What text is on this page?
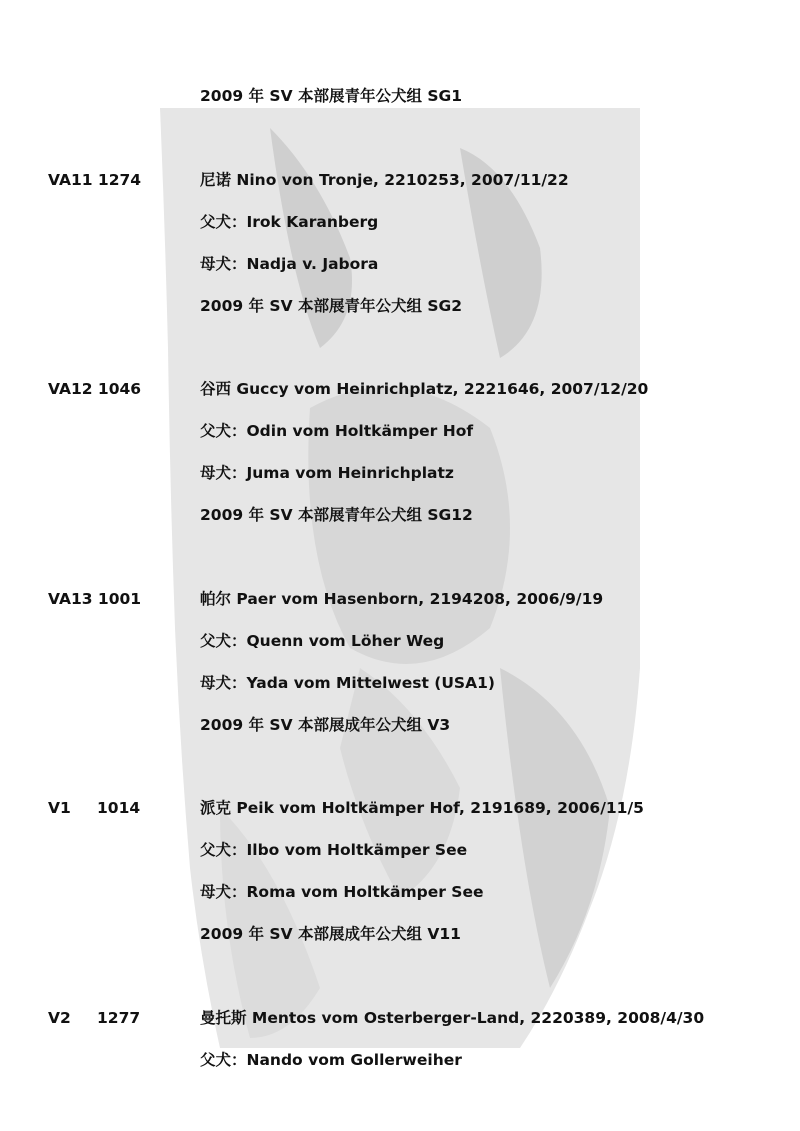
2009 年 SV 本部展青年公犬组 SG1
VA11 1274	尼诺 Nino von Tronje, 2210253, 2007/11/22
父犬：Irok Karanberg
母犬：Nadja v. Jabora
2009 年 SV 本部展青年公犬组 SG2
VA12 1046	谷西 Guccy vom Heinrichplatz, 2221646, 2007/12/20
父犬：Odin vom Holtkämper Hof
母犬：Juma vom Heinrichplatz
2009 年 SV 本部展青年公犬组 SG12
VA13 1001	帕尔 Paer vom Hasenborn, 2194208, 2006/9/19
父犬：Quenn vom Löher Weg
母犬：Yada vom Mittelwest (USA1)
2009 年 SV 本部展成年公犬组 V3
V1 1014	派克 Peik vom Holtkämper Hof, 2191689, 2006/11/5
父犬：Ilbo vom Holtkämper See
母犬：Roma vom Holtkämper See
2009 年 SV 本部展成年公犬组 V11
V2 1277	曼托斯 Mentos vom Osterberger-Land, 2220389, 2008/4/30
父犬：Nando vom Gollerweiher
